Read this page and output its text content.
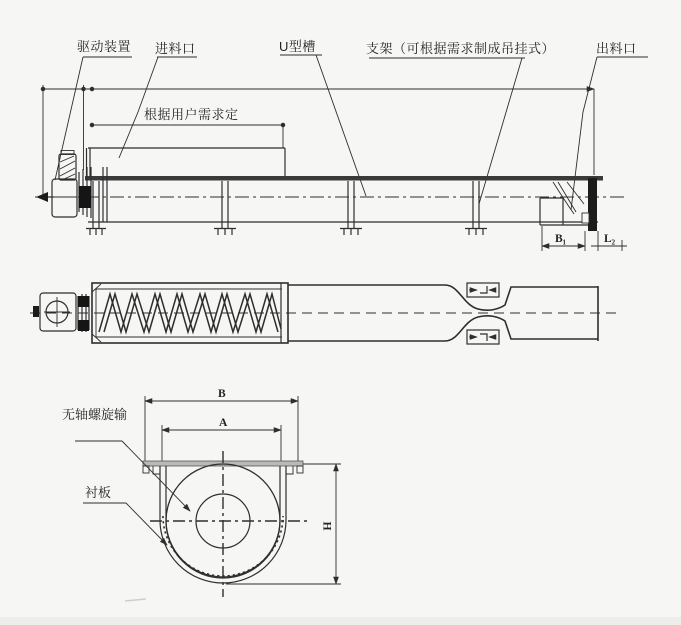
驱动装置 进料口	U型槽	支架（可根据需求制成吊挂式）	出料口
根据用户需求定
B₁	L₂
B
A
H
无轴螺旋输
衬板
